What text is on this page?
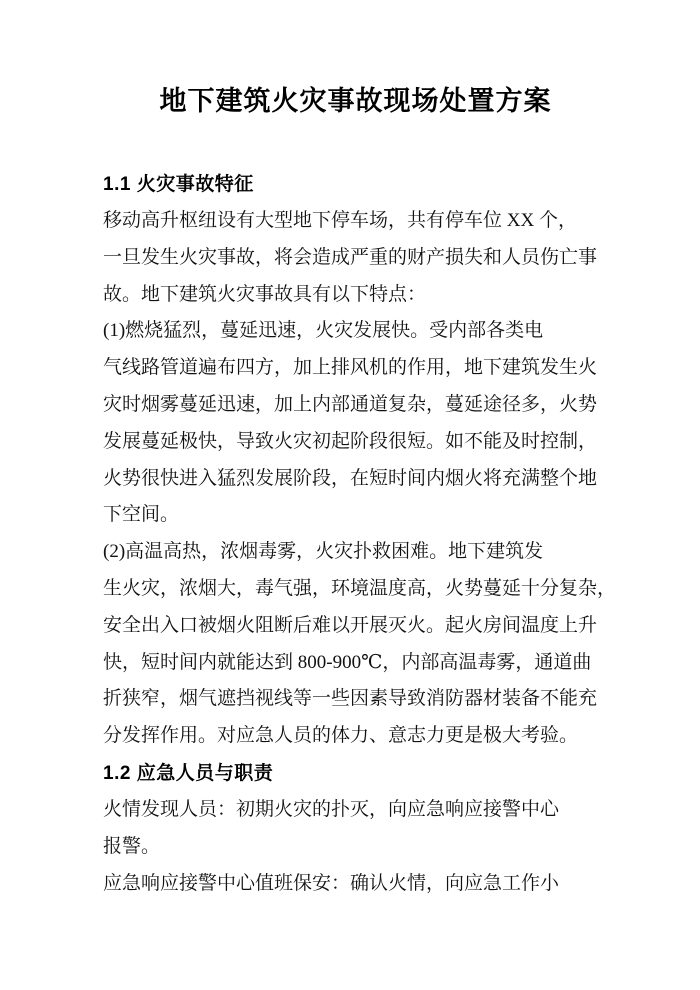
地下建筑火灾事故现场处置方案
1.1 火灾事故特征
移动高升枢纽设有大型地下停车场，共有停车位 XX 个，
一旦发生火灾事故，将会造成严重的财产损失和人员伤亡事
故。地下建筑火灾事故具有以下特点：
(1)燃烧猛烈，蔓延迅速，火灾发展快。受内部各类电
气线路管道遍布四方，加上排风机的作用，地下建筑发生火
灾时烟雾蔓延迅速，加上内部通道复杂，蔓延途径多，火势
发展蔓延极快，导致火灾初起阶段很短。如不能及时控制，
火势很快进入猛烈发展阶段，在短时间内烟火将充满整个地
下空间。
(2)高温高热，浓烟毒雾，火灾扑救困难。地下建筑发
生火灾，浓烟大，毒气强，环境温度高，火势蔓延十分复杂，
安全出入口被烟火阻断后难以开展灭火。起火房间温度上升
快，短时间内就能达到 800-900℃，内部高温毒雾，通道曲
折狭窄，烟气遮挡视线等一些因素导致消防器材装备不能充
分发挥作用。对应急人员的体力、意志力更是极大考验。
1.2 应急人员与职责
火情发现人员：初期火灾的扑灭，向应急响应接警中心
报警。
应急响应接警中心值班保安：确认火情，向应急工作小
